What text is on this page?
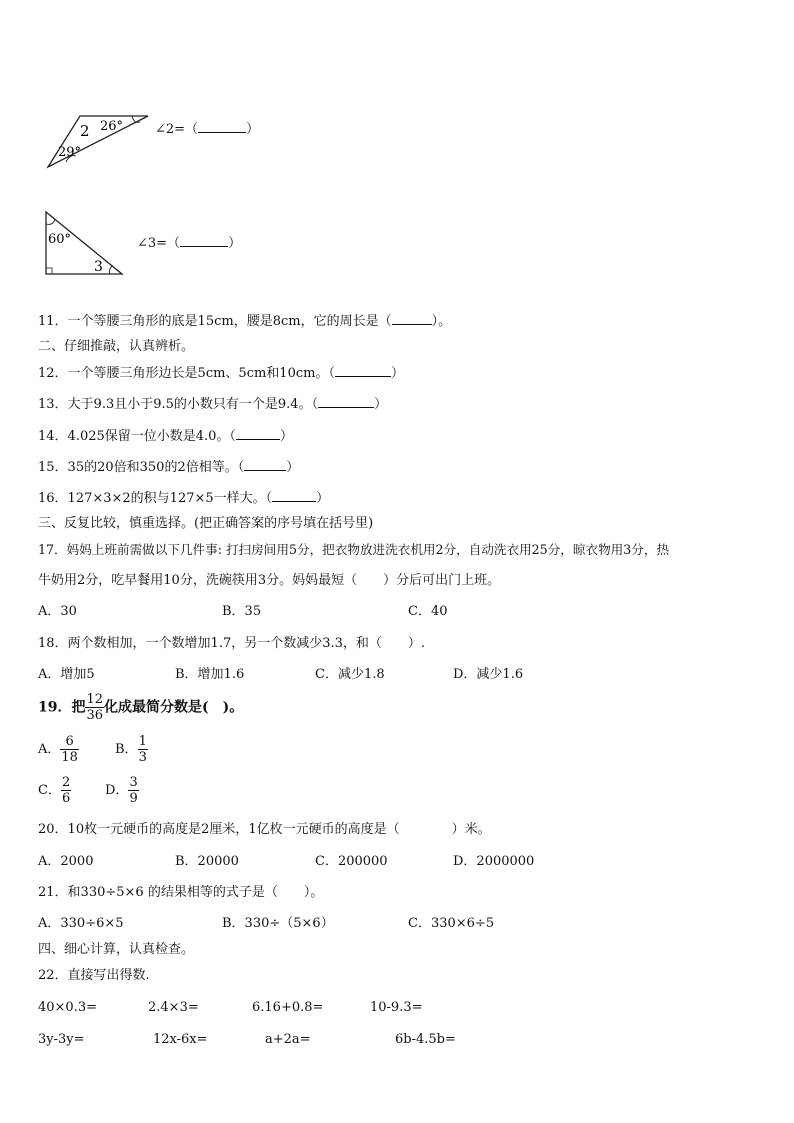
2 26°
29°
∠2=（	）
60°
3
∠3=（	）
11．一个等腰三角形的底是15cm，腰是8cm，它的周长是（	）。
二、仔细推敲，认真辨析。
12．一个等腰三角形边长是5cm、5cm和10cm。（	）
13．大于9.3且小于9.5的小数只有一个是9.4。（	）
14．4.025保留一位小数是4.0。（	）
15．35的20倍和350的2倍相等。（	）
16．127×3×2的积与127×5一样大。（	）
三、反复比较，慎重选择。(把正确答案的序号填在括号里)
17．妈妈上班前需做以下几件事: 打扫房间用5分，把衣物放进洗衣机用2分，自动洗衣用25分，晾衣物用3分，热
牛奶用2分，吃早餐用10分，洗碗筷用3分。妈妈最短（　　）分后可出门上班。
A．30	B．35	C．40
18．两个数相加，一个数增加1.7，另一个数减少3.3，和（　　）.
A．增加5	B．增加1.6	C．减少1.8	D．减少1.6
19．把 $\frac{12}{36}$ 化成最简分数是(　)。
A． $\frac{6}{18}$	B． $\frac{1}{3}$
C． $\frac{2}{6}$	D． $\frac{3}{9}$
20．10枚一元硬币的高度是2厘米，1亿枚一元硬币的高度是（　　　　）米。
A．2000	B．20000	C．200000	D．2000000
21．和330÷5×6 的结果相等的式子是（　　）。
A．330÷6×5	B．330÷（5×6）	C．330×6÷5
四、细心计算，认真检查。
22．直接写出得数.
40×0.3=	2.4×3=	6.16+0.8=	10-9.3=
3y-3y=	12x-6x=	a+2a=	6b-4.5b=
